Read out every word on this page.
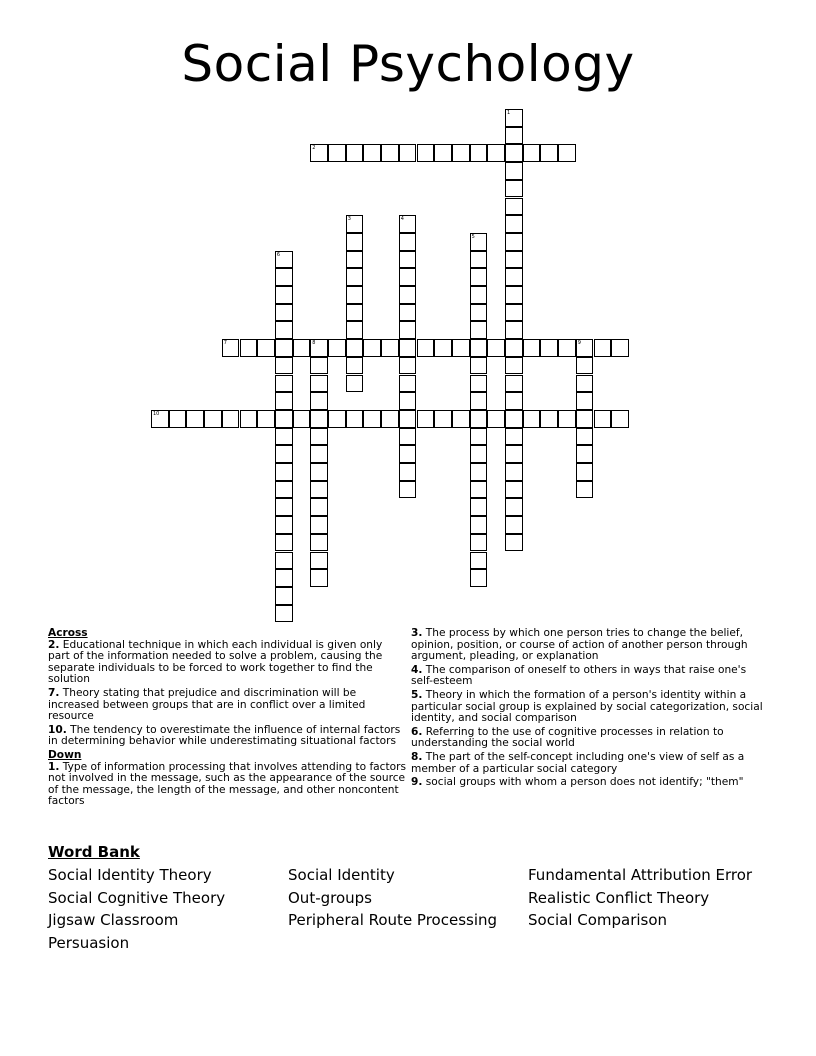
Social Psychology
1
2
3	4
5
6
7	8	9
10
Across
2. Educational technique in which each individual is given only part of the information needed to solve a problem, causing the separate individuals to be forced to work together to find the solution
7. Theory stating that prejudice and discrimination will be increased between groups that are in conflict over a limited resource
10. The tendency to overestimate the influence of internal factors in determining behavior while underestimating situational factors
Down
1. Type of information processing that involves attending to factors not involved in the message, such as the appearance of the source of the message, the length of the message, and other noncontent factors
3. The process by which one person tries to change the belief, opinion, position, or course of action of another person through argument, pleading, or explanation
4. The comparison of oneself to others in ways that raise one's self-esteem
5. Theory in which the formation of a person's identity within a particular social group is explained by social categorization, social identity, and social comparison
6. Referring to the use of cognitive processes in relation to understanding the social world
8. The part of the self-concept including one's view of self as a member of a particular social category
9. social groups with whom a person does not identify; "them"
Word Bank
Social Identity Theory	Social Identity	Fundamental Attribution Error
Social Cognitive Theory	Out-groups	Realistic Conflict Theory
Jigsaw Classroom	Peripheral Route Processing	Social Comparison
Persuasion
